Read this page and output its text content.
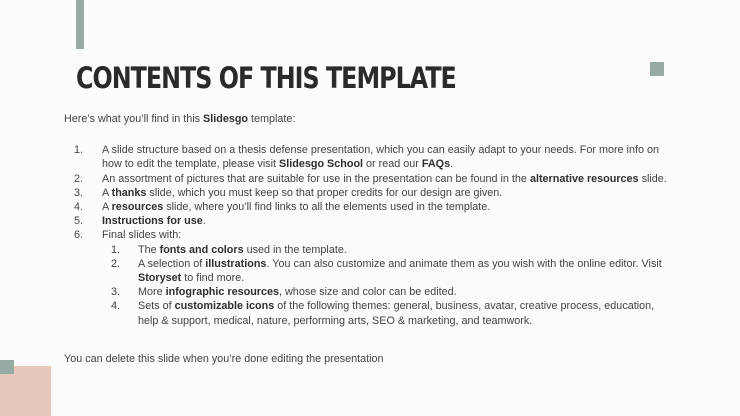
CONTENTS OF THIS TEMPLATE

Here’s what you’ll find in this Slidesgo template:

1.	A slide structure based on a thesis defense presentation, which you can easily adapt to your needs. For more info on how to edit the template, please visit Slidesgo School or read our FAQs.
2.	An assortment of pictures that are suitable for use in the presentation can be found in the alternative resources slide.
3.	A thanks slide, which you must keep so that proper credits for our design are given.
4.	A resources slide, where you’ll find links to all the elements used in the template.
5.	Instructions for use.
6.	Final slides with:
1.	The fonts and colors used in the template.
2.	A selection of illustrations. You can also customize and animate them as you wish with the online editor. Visit Storyset to find more.
3.	More infographic resources, whose size and color can be edited.
4.	Sets of customizable icons of the following themes: general, business, avatar, creative process, education, help & support, medical, nature, performing arts, SEO & marketing, and teamwork.
You can delete this slide when you’re done editing the presentation
